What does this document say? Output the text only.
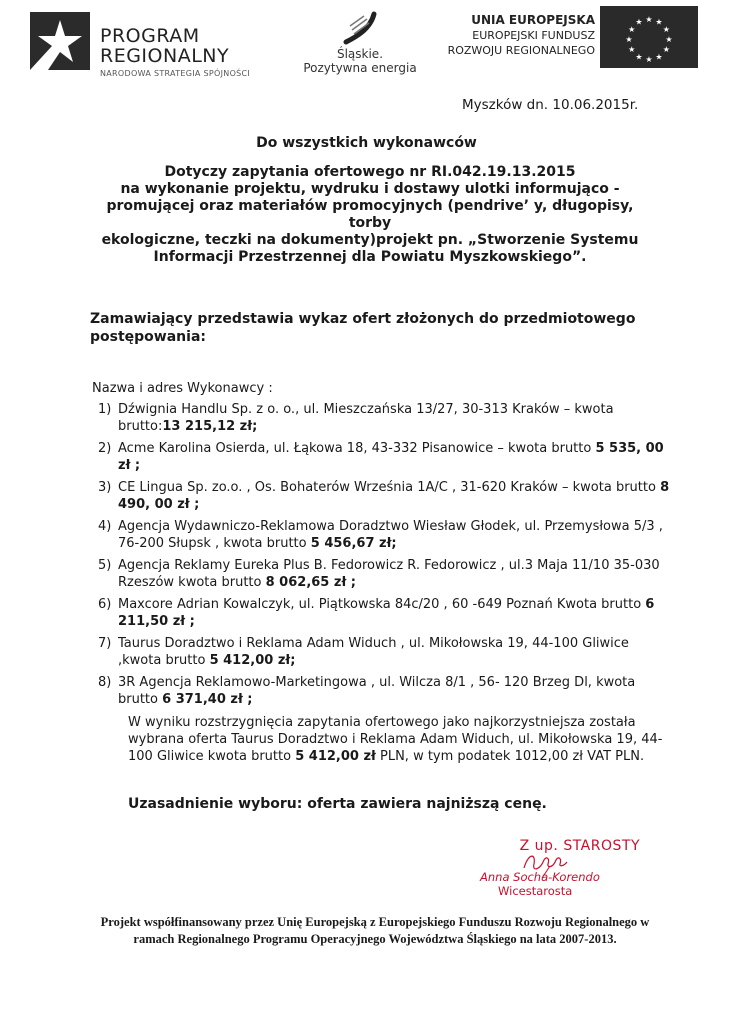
PROGRAM
REGIONALNY
NARODOWA STRATEGIA SPÓJNOŚCI
Śląskie.
Pozytywna energia
UNIA EUROPEJSKA
EUROPEJSKI FUNDUSZ
ROZWOJU REGIONALNEGO
★ ★
★
★
★
★
★
★
★
★
★
★
Myszków dn. 10.06.2015r.
Do wszystkich wykonawców
Dotyczy zapytania ofertowego nr RI.042.19.13.2015
na wykonanie projektu, wydruku i dostawy ulotki informująco -
promującej oraz materiałów promocyjnych (pendrive’ y, długopisy, torby
ekologiczne, teczki na dokumenty)projekt pn. „Stworzenie Systemu
Informacji Przestrzennej dla Powiatu Myszkowskiego”.
Zamawiający przedstawia wykaz ofert złożonych do przedmiotowego postępowania:
Nazwa i adres Wykonawcy :
1) Dźwignia Handlu Sp. z o. o., ul. Mieszczańska 13/27, 30-313 Kraków – kwota brutto:13 215,12 zł;
2) Acme Karolina Osierda, ul. Łąkowa 18, 43-332 Pisanowice – kwota brutto 5 535, 00 zł ;
3) CE Lingua Sp. zo.o. , Os. Bohaterów Września 1A/C , 31-620 Kraków – kwota brutto 8 490, 00 zł ;
4) Agencja Wydawniczo-Reklamowa Doradztwo Wiesław Głodek, ul. Przemysłowa 5/3 , 76-200 Słupsk , kwota brutto 5 456,67 zł;
5) Agencja Reklamy Eureka Plus B. Fedorowicz R. Fedorowicz , ul.3 Maja 11/10 35-030 Rzeszów kwota brutto 8 062,65 zł ;
6) Maxcore Adrian Kowalczyk, ul. Piątkowska 84c/20 , 60 -649 Poznań Kwota brutto 6 211,50 zł ;
7) Taurus Doradztwo i Reklama Adam Widuch , ul. Mikołowska 19, 44-100 Gliwice ,kwota brutto 5 412,00 zł;
8) 3R Agencja Reklamowo-Marketingowa , ul. Wilcza 8/1 , 56- 120 Brzeg Dl, kwota brutto 6 371,40 zł ;
W wyniku rozstrzygnięcia zapytania ofertowego jako najkorzystniejsza została wybrana oferta Taurus Doradztwo i Reklama Adam Widuch, ul. Mikołowska 19, 44-100 Gliwice kwota brutto 5 412,00 zł PLN, w tym podatek 1012,00 zł VAT PLN.
Uzasadnienie wyboru: oferta zawiera najniższą cenę.
Z up. STAROSTY
Anna Socha-Korendo
Wicestarosta
Projekt współfinansowany przez Unię Europejską z Europejskiego Funduszu Rozwoju Regionalnego w ramach Regionalnego Programu Operacyjnego Województwa Śląskiego na lata 2007-2013.
